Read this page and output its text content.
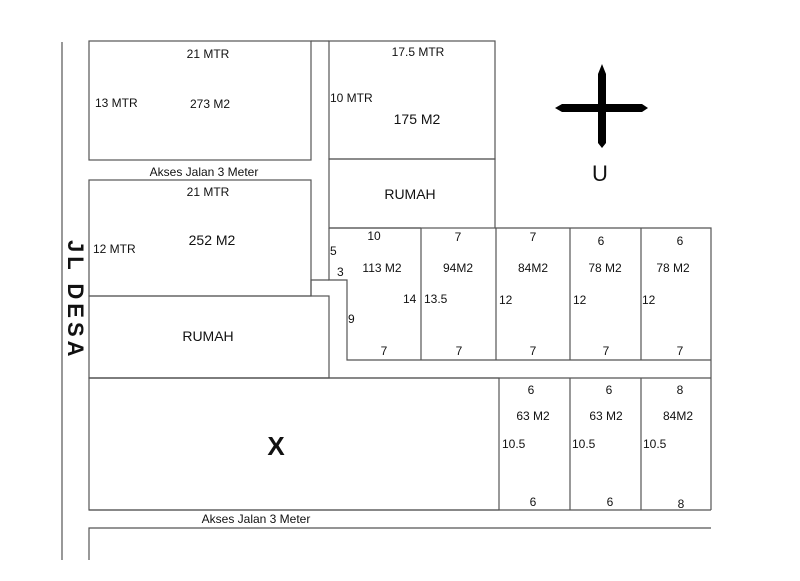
U
JL DESA
21 MTR
13 MTR	273 M2
17.5 MTR
10 MTR
175 M2
Akses Jalan 3 Meter
21 MTR
12 MTR
252 M2
RUMAH
RUMAH
X
Akses Jalan 3 Meter
10
5
3 113 M2
14
9
7
7
94M2
13.5
7
7
84M2
12
7
6
78 M2
12
7
6
78 M2
12
7
6
63 M2
10.5
6
6
63 M2
10.5
6
8
84M2
10.5
8
